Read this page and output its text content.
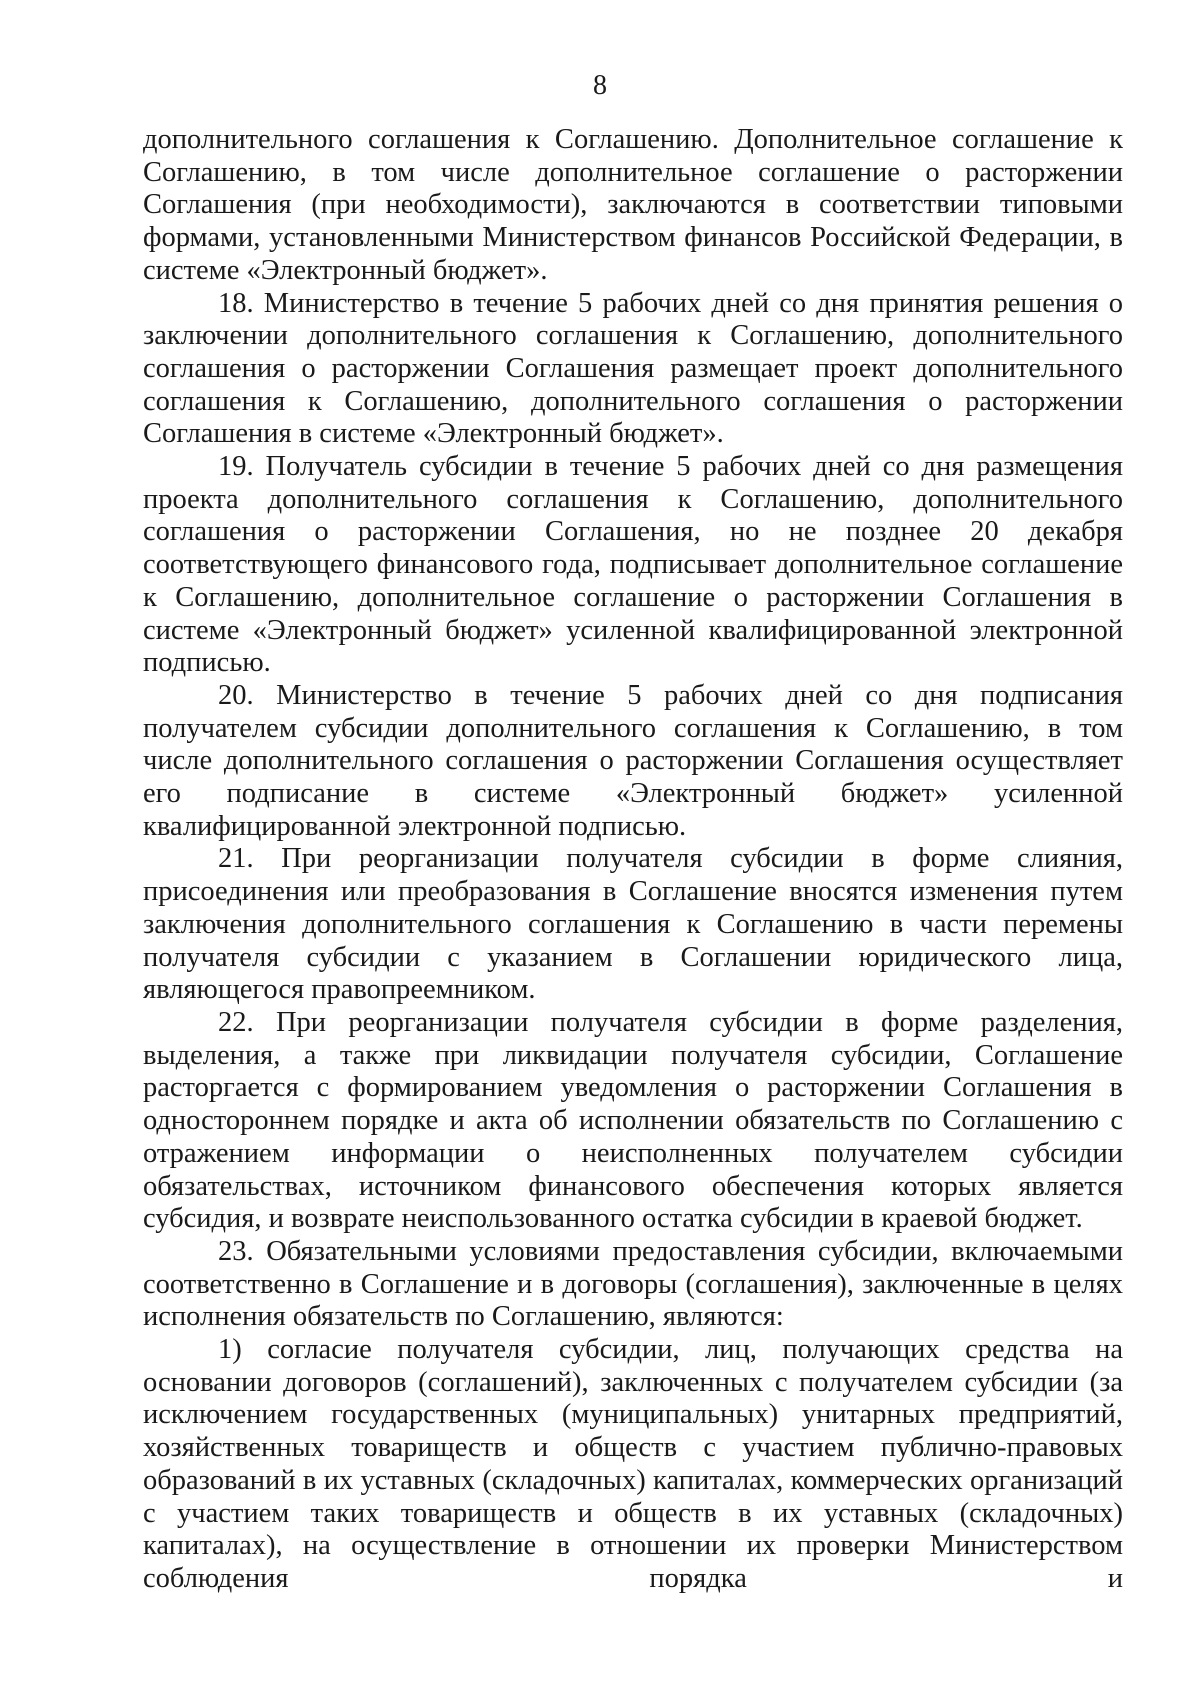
8

дополнительного соглашения к Соглашению. Дополнительное соглашение к Соглашению, в том числе дополнительное соглашение о расторжении Соглашения (при необходимости), заключаются в соответствии типовыми формами, установленными Министерством финансов Российской Федерации, в системе «Электронный бюджет».

18. Министерство в течение 5 рабочих дней со дня принятия решения о заключении дополнительного соглашения к Соглашению, дополнительного соглашения о расторжении Соглашения размещает проект дополнительного соглашения к Соглашению, дополнительного соглашения о расторжении Соглашения в системе «Электронный бюджет».

19. Получатель субсидии в течение 5 рабочих дней со дня размещения проекта дополнительного соглашения к Соглашению, дополнительного соглашения о расторжении Соглашения, но не позднее 20 декабря соответствующего финансового года, подписывает дополнительное соглашение к Соглашению, дополнительное соглашение о расторжении Соглашения в системе «Электронный бюджет» усиленной квалифицированной электронной подписью.

20. Министерство в течение 5 рабочих дней со дня подписания получателем субсидии дополнительного соглашения к Соглашению, в том числе дополнительного соглашения о расторжении Соглашения осуществляет его подписание в системе «Электронный бюджет» усиленной квалифицированной электронной подписью.

21. При реорганизации получателя субсидии в форме слияния, присоединения или преобразования в Соглашение вносятся изменения путем заключения дополнительного соглашения к Соглашению в части перемены получателя субсидии с указанием в Соглашении юридического лица, являющегося правопреемником.

22. При реорганизации получателя субсидии в форме разделения, выделения, а также при ликвидации получателя субсидии, Соглашение расторгается с формированием уведомления о расторжении Соглашения в одностороннем порядке и акта об исполнении обязательств по Соглашению с отражением информации о неисполненных получателем субсидии обязательствах, источником финансового обеспечения которых является субсидия, и возврате неиспользованного остатка субсидии в краевой бюджет.

23. Обязательными условиями предоставления субсидии, включаемыми соответственно в Соглашение и в договоры (соглашения), заключенные в целях исполнения обязательств по Соглашению, являются:

1) согласие получателя субсидии, лиц, получающих средства на основании договоров (соглашений), заключенных с получателем субсидии (за исключением государственных (муниципальных) унитарных предприятий, хозяйственных товариществ и обществ с участием публично-правовых образований в их уставных (складочных) капиталах, коммерческих организаций с участием таких товариществ и обществ в их уставных (складочных) капиталах), на осуществление в отношении их проверки Министерством соблюдения порядка и
